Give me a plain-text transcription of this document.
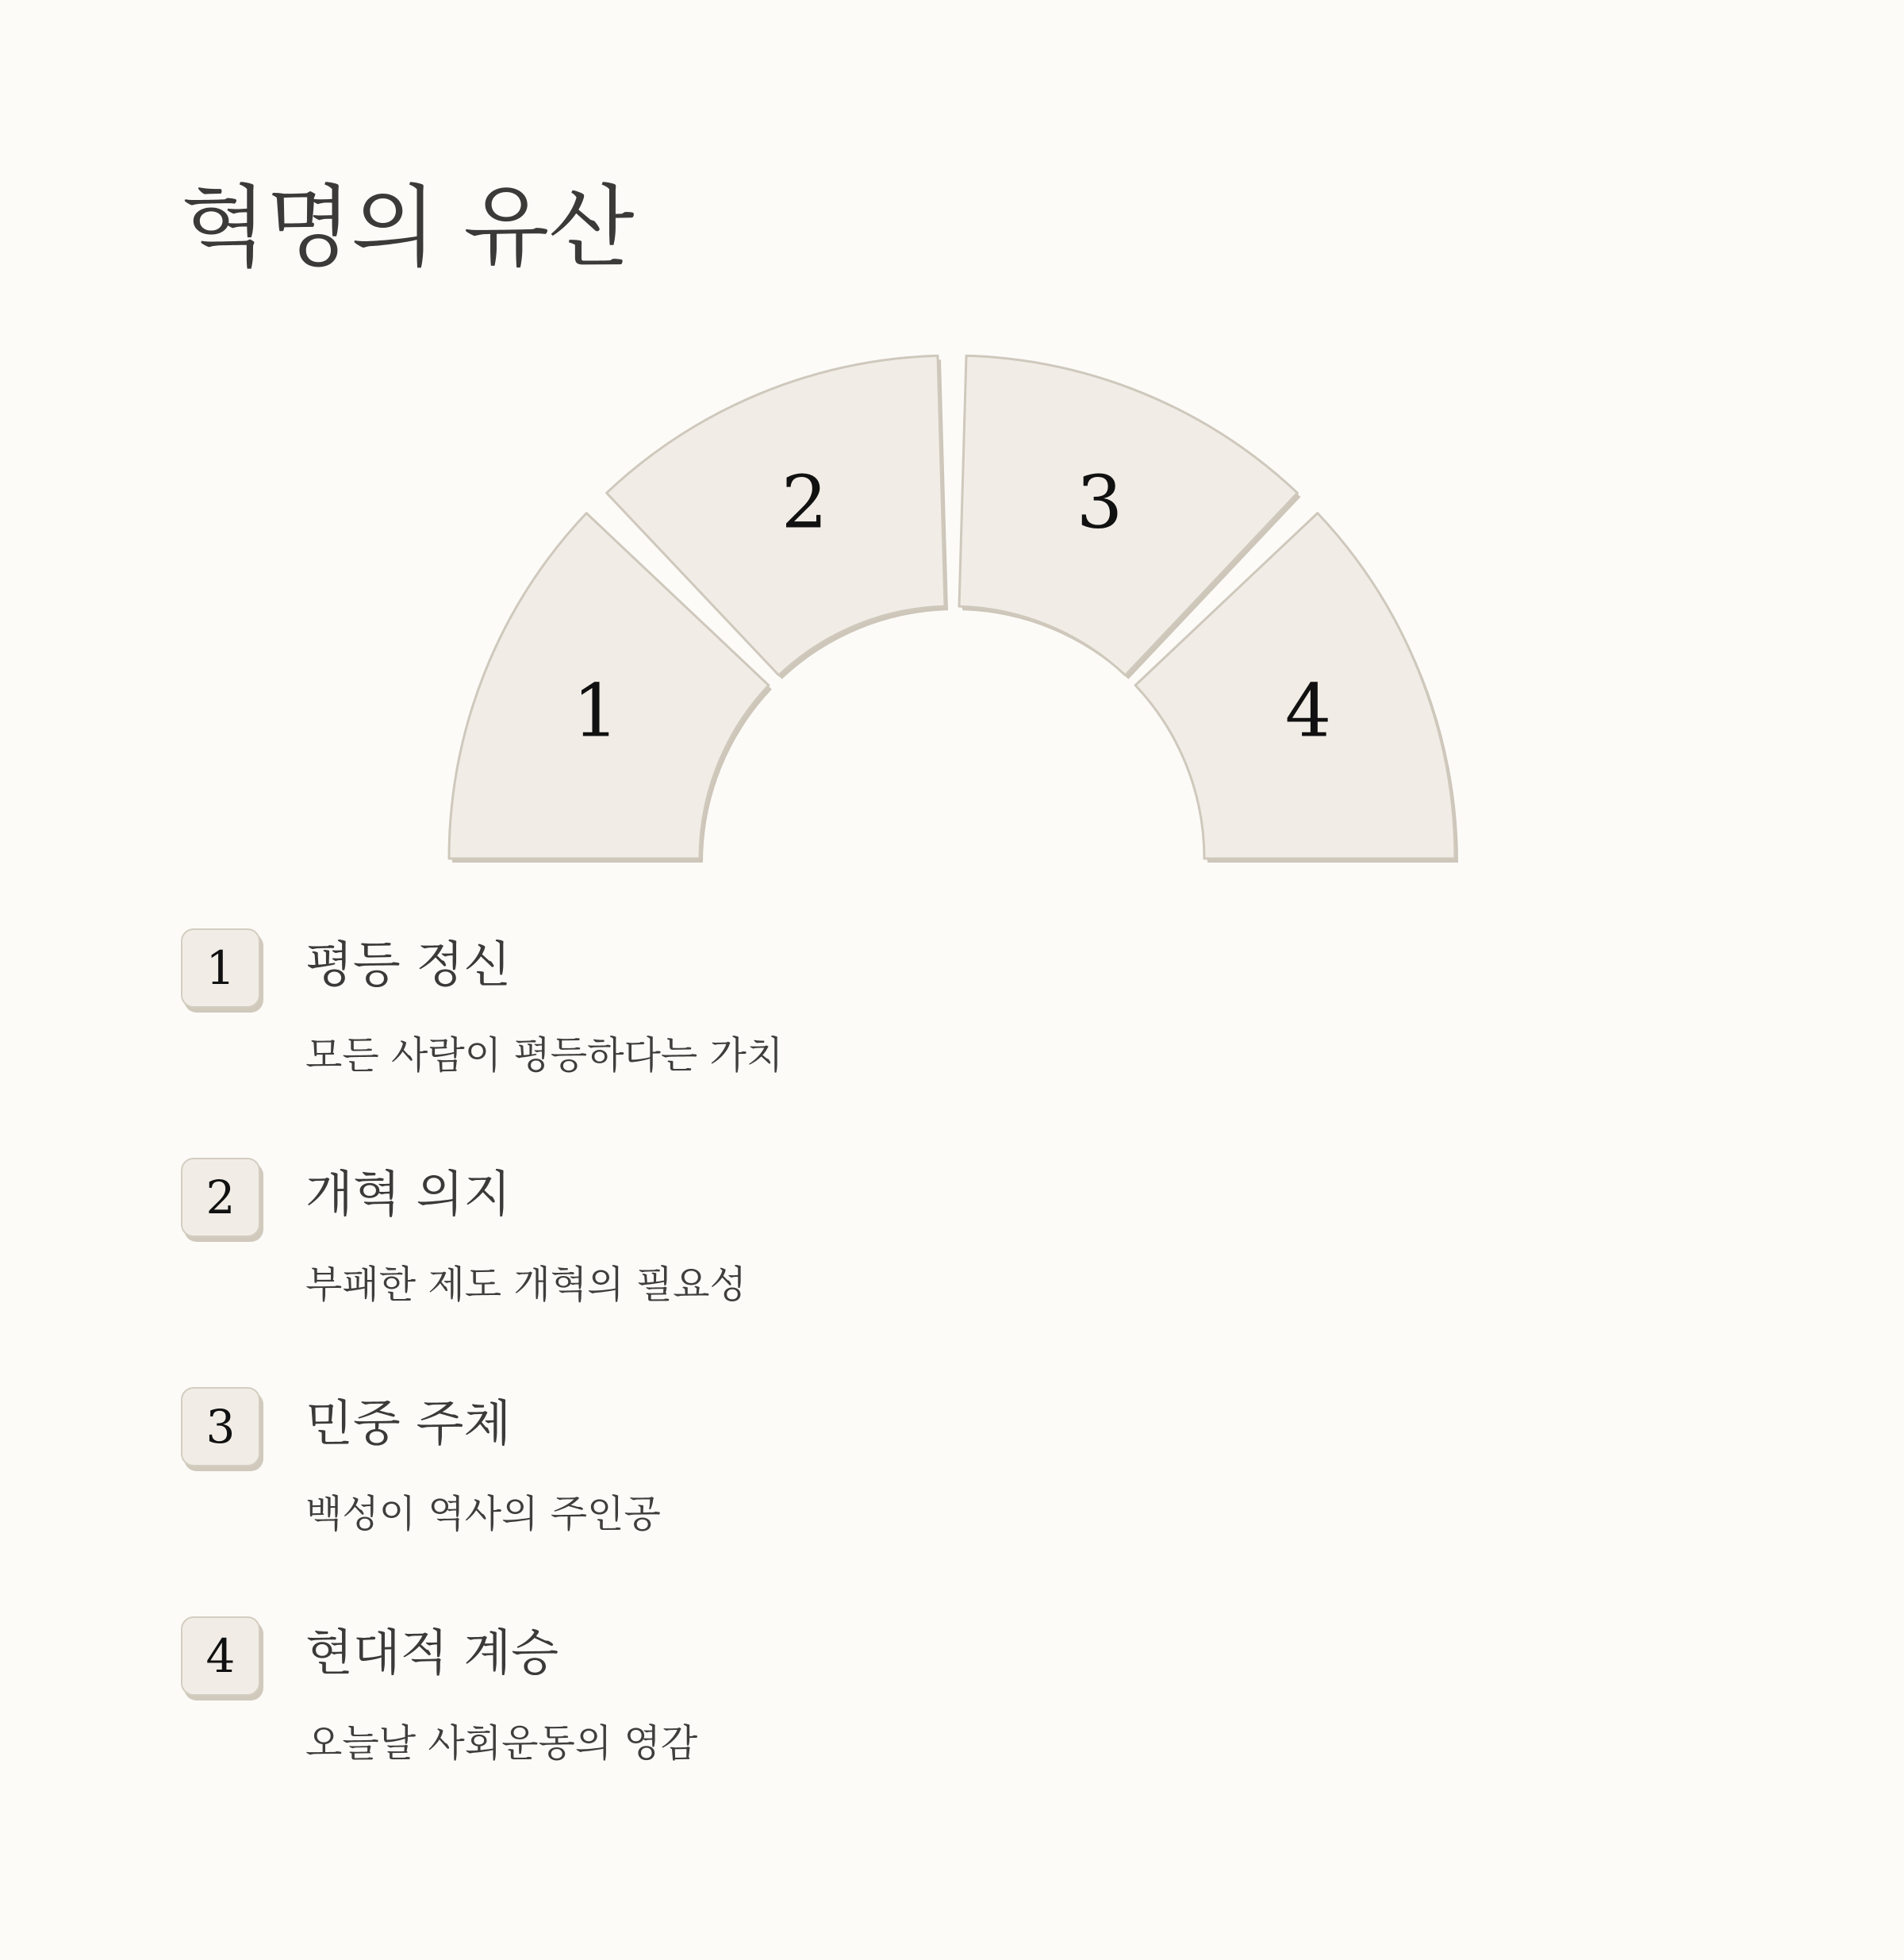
혁명의 유산
1
2	3
4
1	평등 정신

모든 사람이 평등하다는 가치

2	개혁 의지

부패한 제도 개혁의 필요성

3	민중 주체

백성이 역사의 주인공

4	현대적 계승

오늘날 사회운동의 영감
